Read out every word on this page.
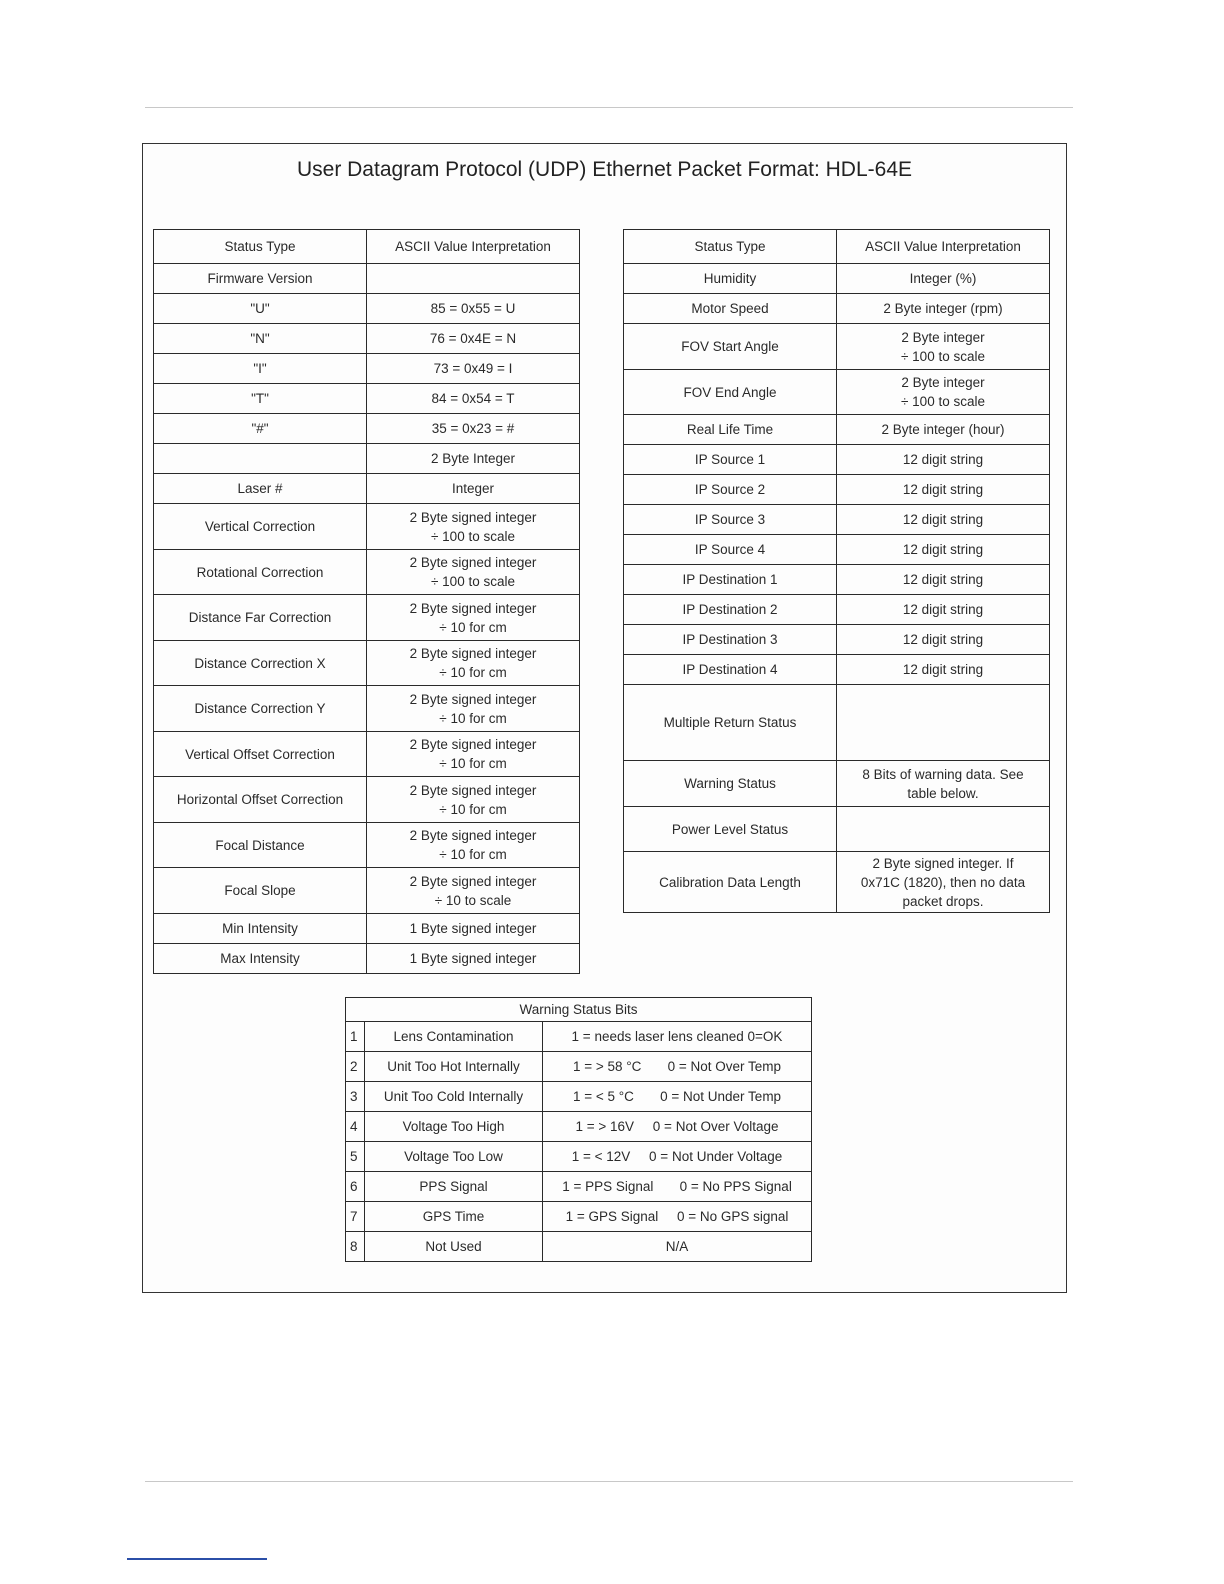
User Datagram Protocol (UDP) Ethernet Packet Format: HDL-64E
Status Type	ASCII Value Interpretation
Firmware Version	
"U"	85 = 0x55 = U
"N"	76 = 0x4E = N
"I"	73 = 0x49 = I
"T"	84 = 0x54 = T
"#"	35 = 0x23 = #
	2 Byte Integer
Laser #	Integer
Vertical Correction	2 Byte signed integer
÷ 100 to scale

Rotational Correction	2 Byte signed integer
÷ 100 to scale

Distance Far Correction	2 Byte signed integer
÷ 10 for cm

Distance Correction X	2 Byte signed integer
÷ 10 for cm

Distance Correction Y	2 Byte signed integer
÷ 10 for cm

Vertical Offset Correction	2 Byte signed integer
÷ 10 for cm

Horizontal Offset Correction	2 Byte signed integer
÷ 10 for cm

Focal Distance	2 Byte signed integer
÷ 10 for cm

Focal Slope	2 Byte signed integer
÷ 10 to scale

Min Intensity	1 Byte signed integer
Max Intensity	1 Byte signed integer
Status Type	ASCII Value Interpretation
Humidity	Integer (%)
Motor Speed	2 Byte integer (rpm)
FOV Start Angle	2 Byte integer
÷ 100 to scale

FOV End Angle	2 Byte integer
÷ 100 to scale

Real Life Time	2 Byte integer (hour)
IP Source 1	12 digit string
IP Source 2	12 digit string
IP Source 3	12 digit string
IP Source 4	12 digit string
IP Destination 1	12 digit string
IP Destination 2	12 digit string
IP Destination 3	12 digit string
IP Destination 4	12 digit string
Multiple Return Status	
Warning Status	8 Bits of warning data. See
table below.

Power Level Status	
Calibration Data Length	2 Byte signed integer. If
0x71C (1820), then no data
packet drops.
Warning Status Bits		
1	Lens Contamination	1 = needs laser lens cleaned 0=OK
2	Unit Too Hot Internally	1 = > 58 °C       0 = Not Over Temp
3	Unit Too Cold Internally	1 = < 5 °C       0 = Not Under Temp
4	Voltage Too High	1 = > 16V     0 = Not Over Voltage
5	Voltage Too Low	1 = < 12V     0 = Not Under Voltage
6	PPS Signal	1 = PPS Signal       0 = No PPS Signal
7	GPS Time	1 = GPS Signal     0 = No GPS signal
8	Not Used	N/A
